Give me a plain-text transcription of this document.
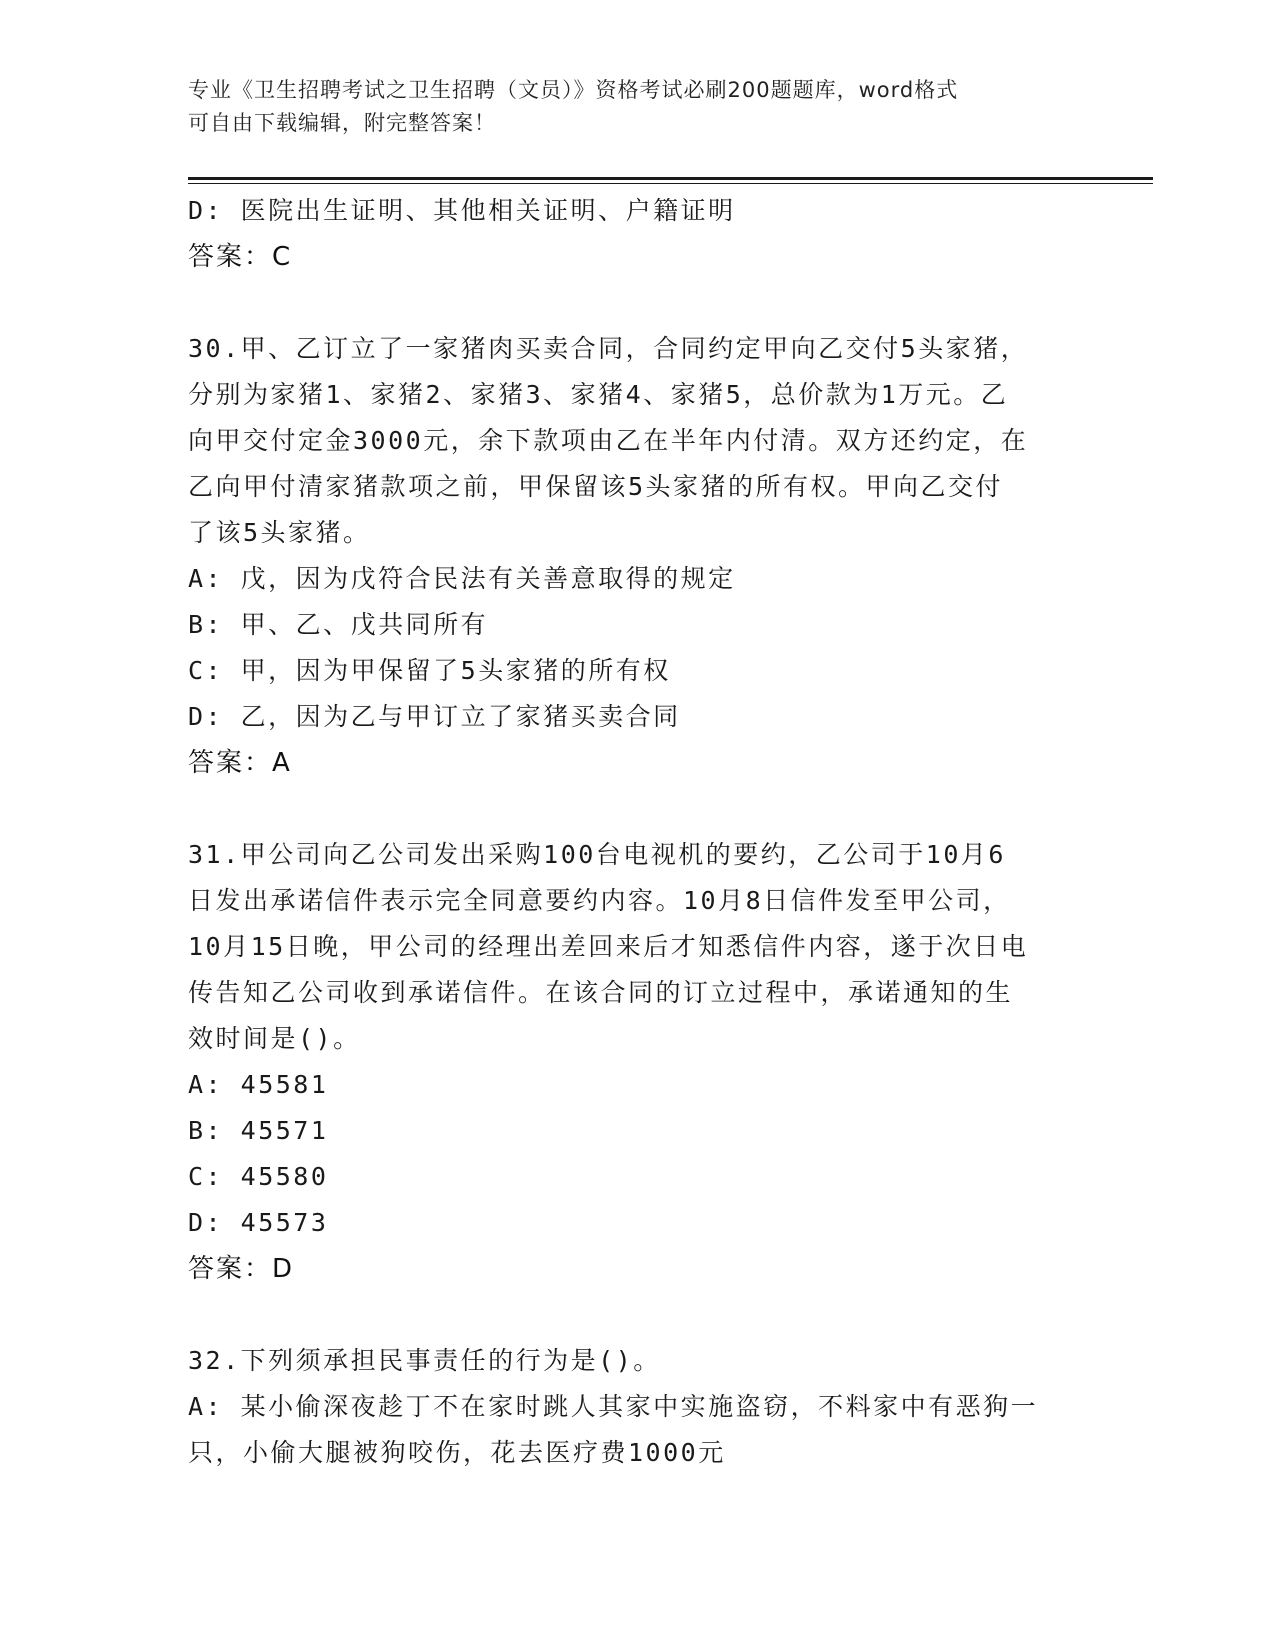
专业《卫生招聘考试之卫生招聘（文员）》资格考试必刷200题题库，word格式
可自由下载编辑，附完整答案！
D: 医院出生证明、其他相关证明、户籍证明
答案：C
30.甲、乙订立了一家猪肉买卖合同，合同约定甲向乙交付5头家猪，
分别为家猪1、家猪2、家猪3、家猪4、家猪5，总价款为1万元。乙
向甲交付定金3000元，余下款项由乙在半年内付清。双方还约定，在
乙向甲付清家猪款项之前，甲保留该5头家猪的所有权。甲向乙交付
了该5头家猪。
A: 戊，因为戊符合民法有关善意取得的规定
B: 甲、乙、戊共同所有
C: 甲，因为甲保留了5头家猪的所有权
D: 乙，因为乙与甲订立了家猪买卖合同
答案：A
31.甲公司向乙公司发出采购100台电视机的要约，乙公司于10月6
日发出承诺信件表示完全同意要约内容。10月8日信件发至甲公司，
10月15日晚，甲公司的经理出差回来后才知悉信件内容，遂于次日电
传告知乙公司收到承诺信件。在该合同的订立过程中，承诺通知的生
效时间是()。
A: 45581
B: 45571
C: 45580
D: 45573
答案：D
32.下列须承担民事责任的行为是()。
A: 某小偷深夜趁丁不在家时跳人其家中实施盗窃，不料家中有恶狗一
只，小偷大腿被狗咬伤，花去医疗费1000元
